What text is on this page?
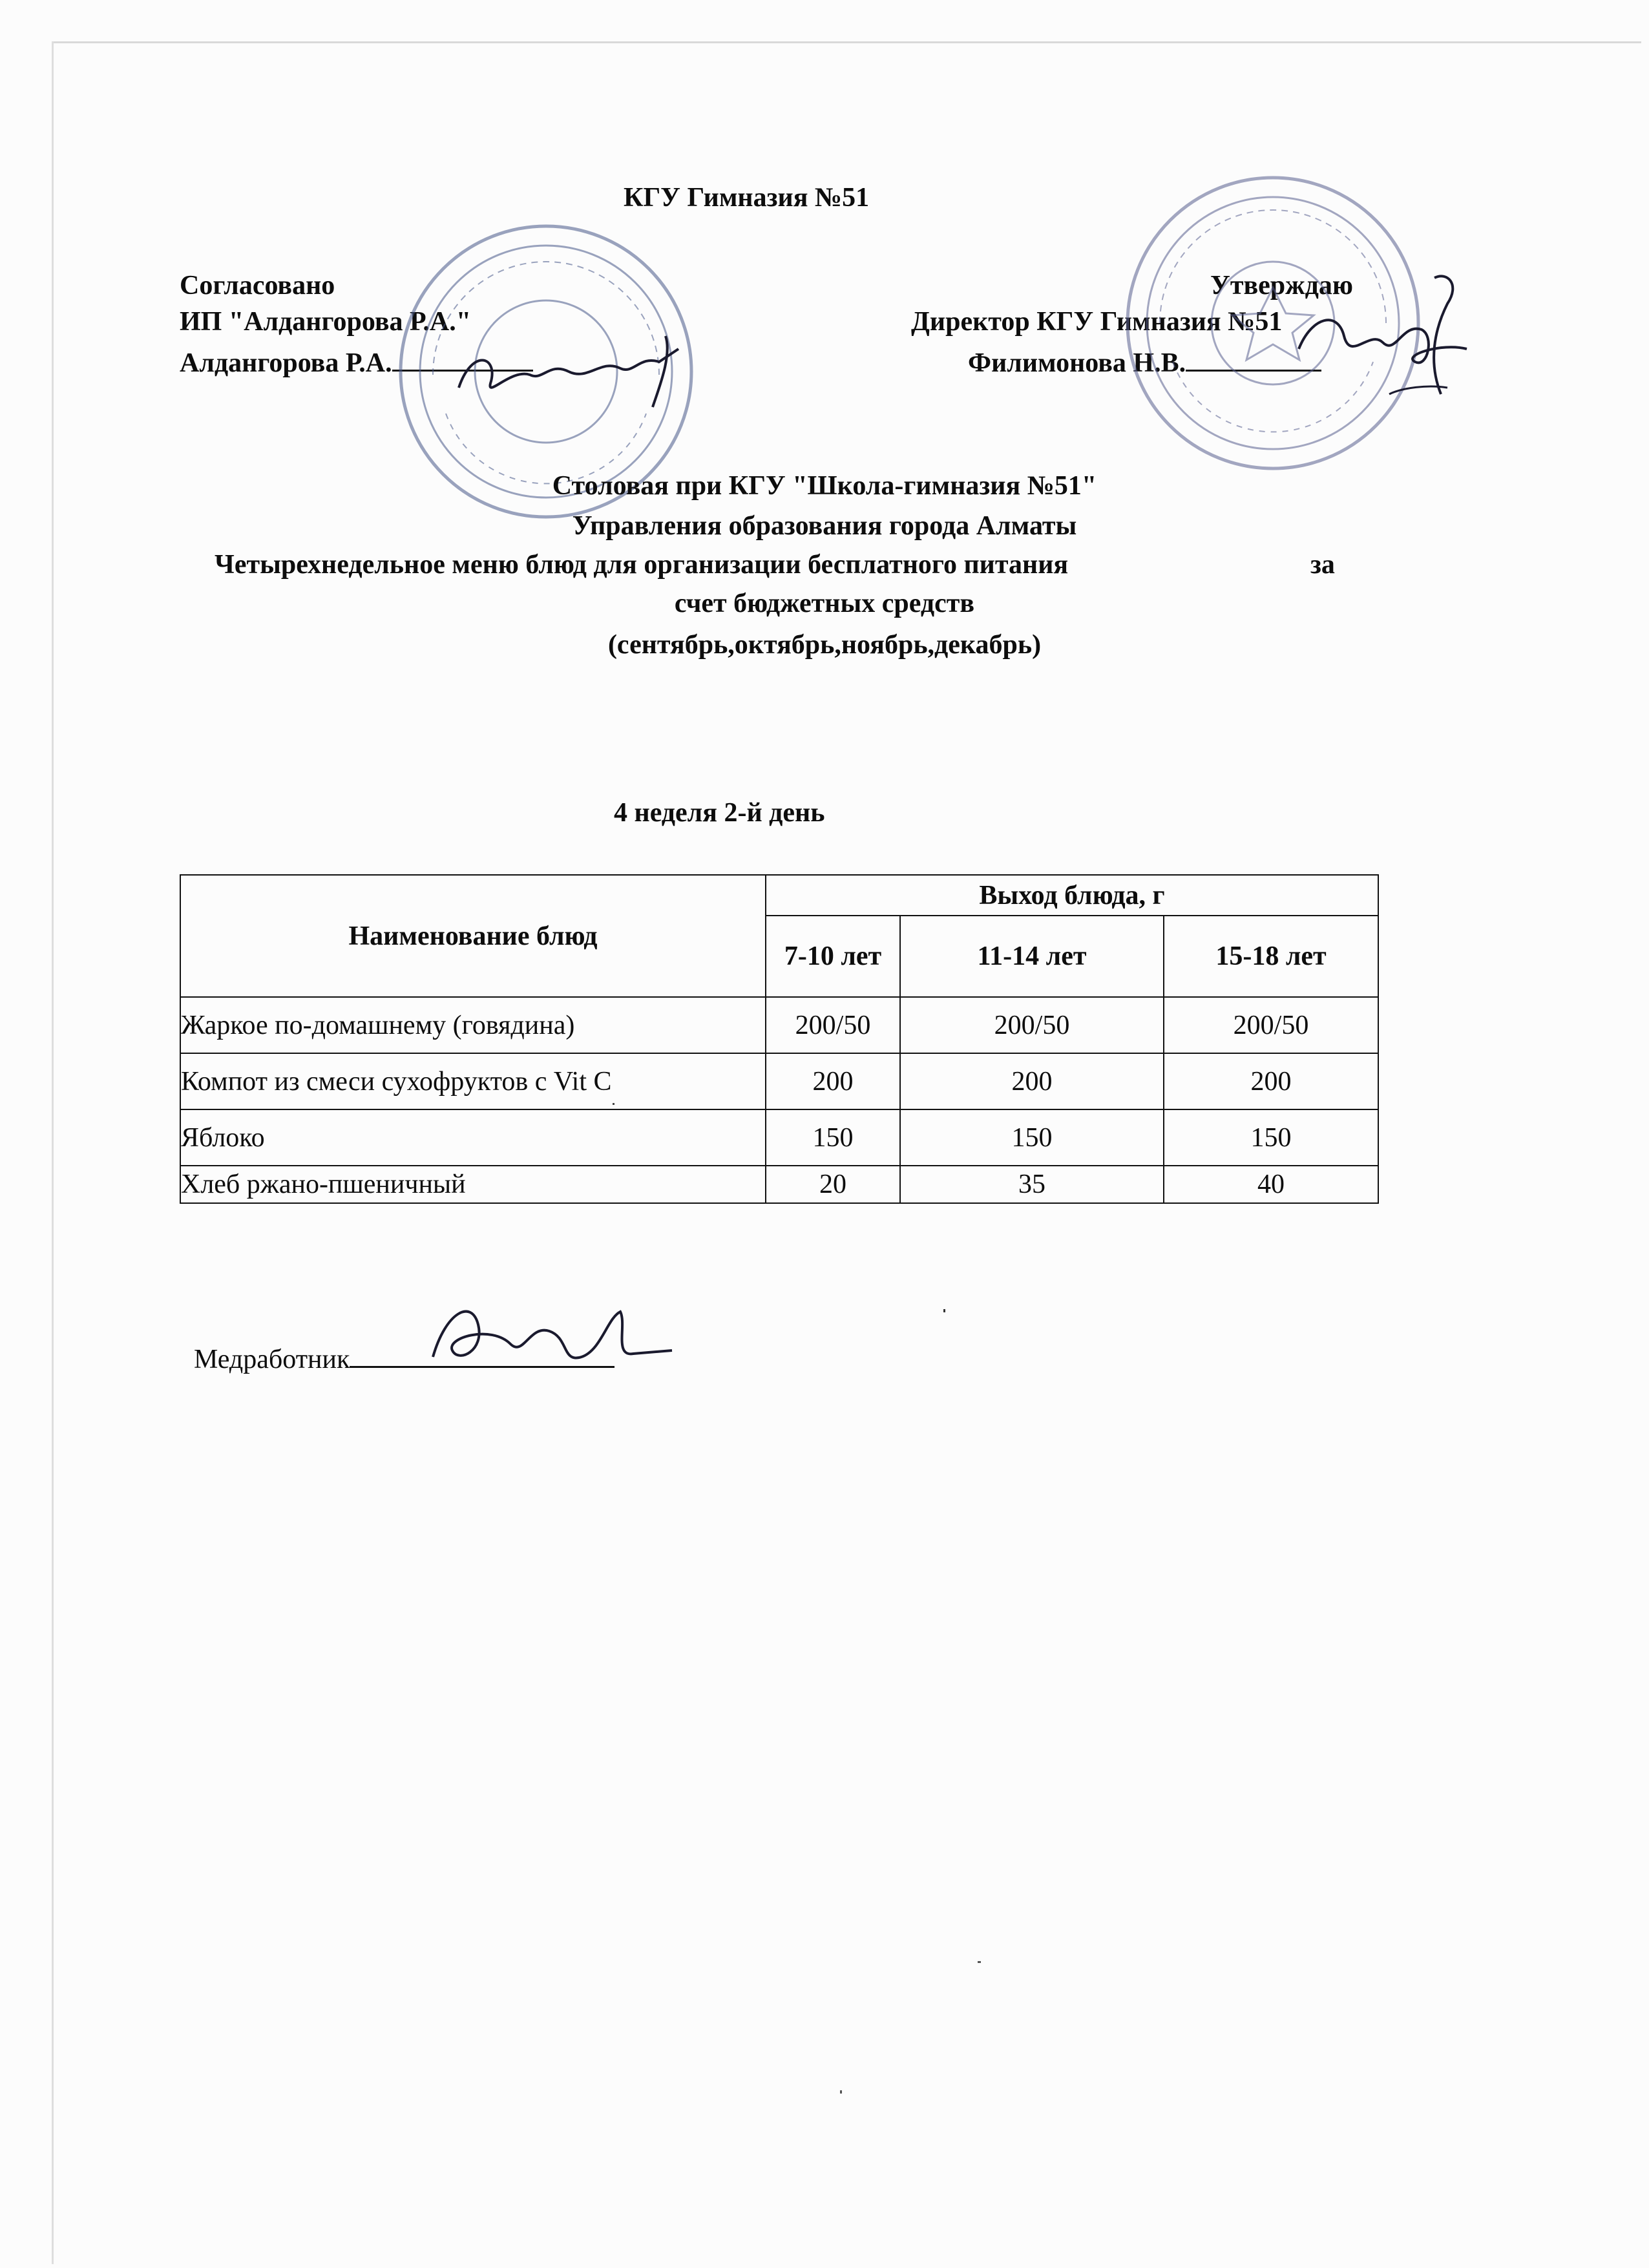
КГУ Гимназия №51
Согласовано
ИП "Алдангорова Р.А."
Алдангорова Р.А.
Утверждаю
Директор КГУ Гимназия №51
Филимонова Н.В.
Столовая при КГУ "Школа-гимназия №51"
Управления образования города Алматы
Четырехнедельное меню блюд для организации бесплатного питания	за
счет бюджетных средств
(сентябрь,октябрь,ноябрь,декабрь)
4 неделя 2-й день
Наименование блюд	Выход блюда, г		
	7-10 лет	11-14 лет	15-18 лет
Жаркое по-домашнему (говядина)	200/50	200/50	200/50
Компот из смеси сухофруктов с Vit C	200	200	200
Яблоко	150	150	150
Хлеб ржано-пшеничный	20	35	40
Медработник
